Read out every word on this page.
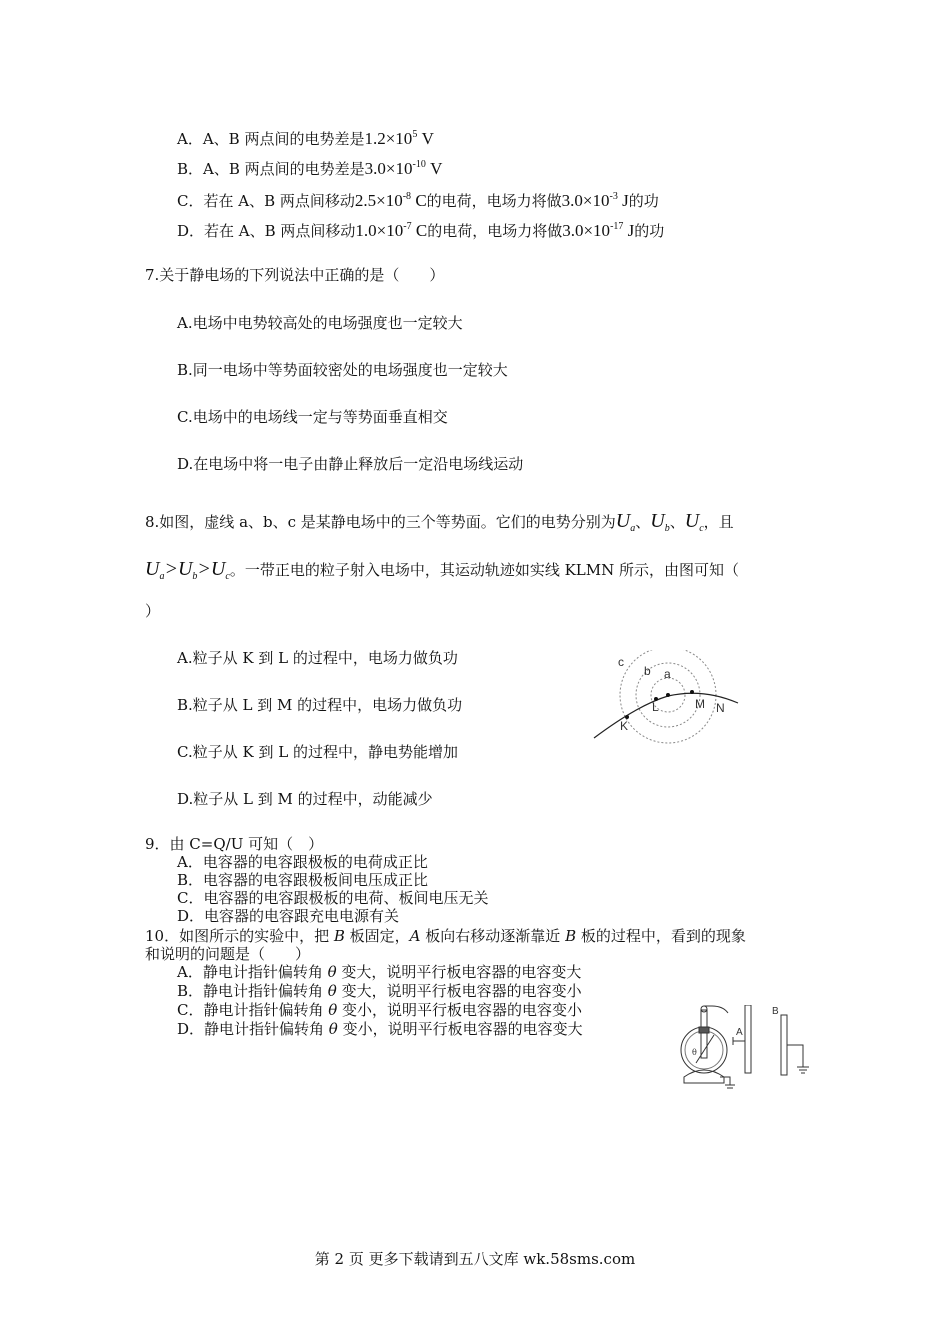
A．A、B 两点间的电势差是$1.2\times 10^5$ V
B．A、B 两点间的电势差是$3.0\times 10^{-10}$ V
C．若在 A、B 两点间移动$2.5\times 10^{-8}$ C的电荷，电场力将做$3.0\times 10^{-3}$ J的功
D．若在 A、B 两点间移动$1.0\times 10^{-7}$ C的电荷，电场力将做$3.0\times 10^{-17}$ J的功
7.关于静电场的下列说法中正确的是（　　）
A.电场中电势较高处的电场强度也一定较大
B.同一电场中等势面较密处的电场强度也一定较大
C.电场中的电场线一定与等势面垂直相交
D.在电场中将一电子由静止释放后一定沿电场线运动
8.如图，虚线 a、b、c 是某静电场中的三个等势面。它们的电势分别为$U_a$、$U_b$、$U_c$，且
$U_a>U_b>U_c$。一带正电的粒子射入电场中，其运动轨迹如实线 KLMN 所示，由图可知（
）
A.粒子从 K 到 L 的过程中，电场力做负功
B.粒子从 L 到 M 的过程中，电场力做负功
C.粒子从 K 到 L 的过程中，静电势能增加
D.粒子从 L 到 M 的过程中，动能减少
c
b a
K
L	M N
9．由 C=Q/U 可知（　）
A．电容器的电容跟极板的电荷成正比
B．电容器的电容跟极板间电压成正比
C．电容器的电容跟极板的电荷、板间电压无关
D．电容器的电容跟充电电源有关
10．如图所示的实验中，把 B 板固定，A 板向右移动逐渐靠近 B 板的过程中，看到的现象
和说明的问题是（　　）
A．静电计指针偏转角 θ 变大，说明平行板电容器的电容变大
B．静电计指针偏转角 θ 变大，说明平行板电容器的电容变小
C．静电计指针偏转角 θ 变小，说明平行板电容器的电容变小
D．静电计指针偏转角 θ 变小，说明平行板电容器的电容变大	A
B
θ
第 2 页 更多下载请到五八文库 wk.58sms.com
